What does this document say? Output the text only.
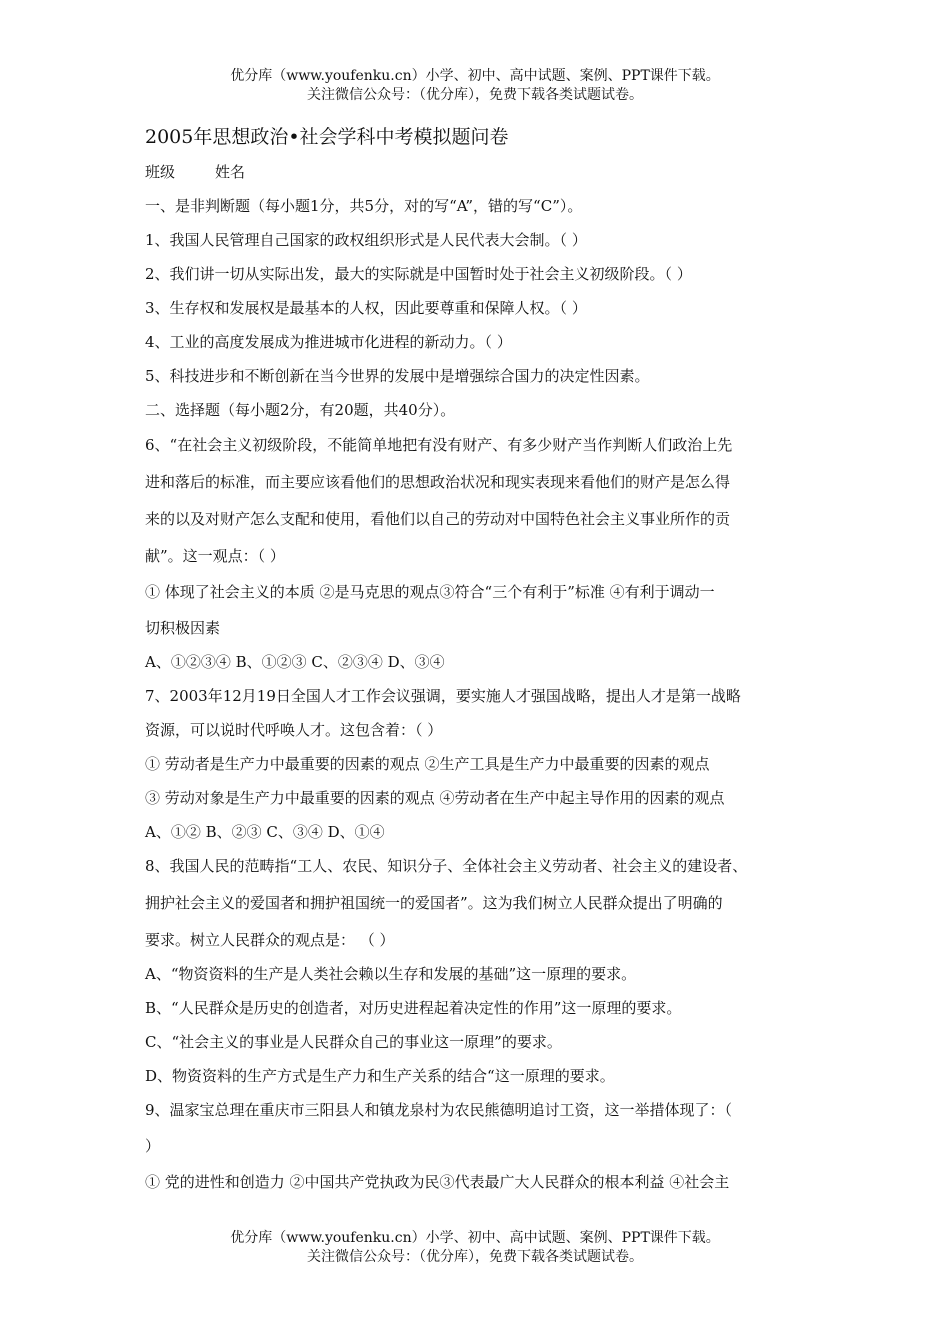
优分库（www.youfenku.cn）小学、初中、高中试题、案例、PPT课件下载。
关注微信公众号：（优分库），免费下载各类试题试卷。

2005年思想政治•社会学科中考模拟题问卷

班级	姓名

一、是非判断题（每小题1分，共5分，对的写“A”，错的写“C”）。

1、我国人民管理自己国家的政权组织形式是人民代表大会制。（ ）

2、我们讲一切从实际出发，最大的实际就是中国暂时处于社会主义初级阶段。（ ）

3、生存权和发展权是最基本的人权，因此要尊重和保障人权。（ ）

4、工业的高度发展成为推进城市化进程的新动力。（ ）

5、科技进步和不断创新在当今世界的发展中是增强综合国力的决定性因素。

二、选择题（每小题2分，有20题，共40分）。

6、“在社会主义初级阶段，不能简单地把有没有财产、有多少财产当作判断人们政治上先

进和落后的标准，而主要应该看他们的思想政治状况和现实表现来看他们的财产是怎么得

来的以及对财产怎么支配和使用，看他们以自己的劳动对中国特色社会主义事业所作的贡

献”。这一观点：（ ）

① 体现了社会主义的本质 ②是马克思的观点③符合“三个有利于”标准 ④有利于调动一

切积极因素

A、①②③④ B、①②③ C、②③④ D、③④

7、2003年12月19日全国人才工作会议强调，要实施人才强国战略，提出人才是第一战略

资源，可以说时代呼唤人才。这包含着：（ ）

① 劳动者是生产力中最重要的因素的观点 ②生产工具是生产力中最重要的因素的观点

③ 劳动对象是生产力中最重要的因素的观点 ④劳动者在生产中起主导作用的因素的观点

A、①② B、②③ C、③④ D、①④

8、我国人民的范畴指“工人、农民、知识分子、全体社会主义劳动者、社会主义的建设者、

拥护社会主义的爱国者和拥护祖国统一的爱国者”。这为我们树立人民群众提出了明确的

要求。树立人民群众的观点是： （ ）

A、“物资资料的生产是人类社会赖以生存和发展的基础”这一原理的要求。

B、“人民群众是历史的创造者，对历史进程起着决定性的作用”这一原理的要求。

C、“社会主义的事业是人民群众自己的事业这一原理”的要求。

D、物资资料的生产方式是生产力和生产关系的结合“这一原理的要求。

9、温家宝总理在重庆市三阳县人和镇龙泉村为农民熊德明追讨工资，这一举措体现了：（

）

① 党的进性和创造力 ②中国共产党执政为民③代表最广大人民群众的根本利益 ④社会主

优分库（www.youfenku.cn）小学、初中、高中试题、案例、PPT课件下载。
关注微信公众号：（优分库），免费下载各类试题试卷。
